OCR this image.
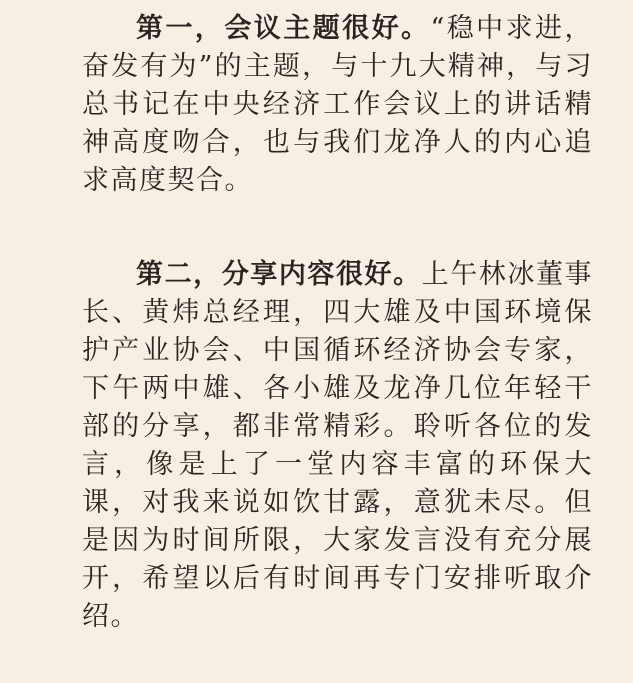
第一，会议主题很好。“稳中求进，奋发有为”的主题，与十九大精神，与习总书记在中央经济工作会议上的讲话精神高度吻合，也与我们龙净人的内心追求高度契合。

第二，分享内容很好。上午林冰董事长、黄炜总经理，四大雄及中国环境保护产业协会、中国循环经济协会专家，下午两中雄、各小雄及龙净几位年轻干部的分享，都非常精彩。聆听各位的发言，像是上了一堂内容丰富的环保大课，对我来说如饮甘露，意犹未尽。但是因为时间所限，大家发言没有充分展开，希望以后有时间再专门安排听取介绍。
